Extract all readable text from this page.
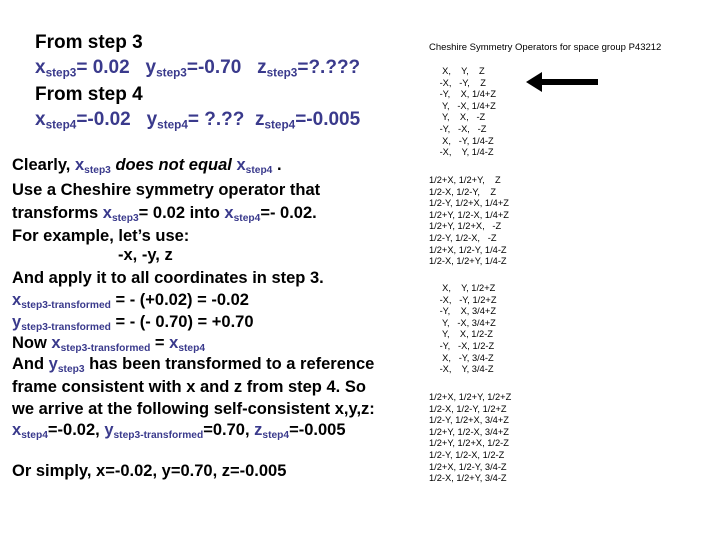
From step 3
$x_{step3}= 0.02$ $y_{step3}=-0.70$ $z_{step3}=$?.???
From step 4
$x_{step4}=-0.02$ $y_{step4}=$ ?.?? $z_{step4}=-0.005$
Clearly, $x_{step3}$ does not equal $x_{step4}$ .
Use a Cheshire symmetry operator that
transforms $x_{step3}= 0.02$ into $x_{step4}=-$ 0.02.
For example, let’s use:
-x, -y, z
And apply it to all coordinates in step 3.
$x_{step3-transformed}$ = - (+0.02) = -0.02
$y_{step3-transformed}$ = - (- 0.70) = +0.70
Now $x_{step3-transformed} = x_{step4}$
And $y_{step3}$ has been transformed to a reference
frame consistent with x and z from step 4. So
we arrive at the following self-consistent x,y,z:
$x_{step4}=-0.02$, $y_{step3-transformed}=0.70$, $z_{step4}=-0.005$
Or simply, x=-0.02, y=0.70, z=-0.005
Cheshire Symmetry Operators for space group P43212
X,    Y,    Z
-X,   -Y,    Z
-Y,    X, 1/4+Z
Y,   -X, 1/4+Z
Y,    X,   -Z
-Y,   -X,   -Z
X,   -Y, 1/4-Z
-X,    Y, 1/4-Z
1/2+X, 1/2+Y,    Z
1/2-X, 1/2-Y,    Z
1/2-Y, 1/2+X, 1/4+Z
1/2+Y, 1/2-X, 1/4+Z
1/2+Y, 1/2+X,   -Z
1/2-Y, 1/2-X,   -Z
1/2+X, 1/2-Y, 1/4-Z
1/2-X, 1/2+Y, 1/4-Z
X,    Y, 1/2+Z
-X,   -Y, 1/2+Z
-Y,    X, 3/4+Z
Y,   -X, 3/4+Z
Y,    X, 1/2-Z
-Y,   -X, 1/2-Z
X,   -Y, 3/4-Z
-X,    Y, 3/4-Z
1/2+X, 1/2+Y, 1/2+Z
1/2-X, 1/2-Y, 1/2+Z
1/2-Y, 1/2+X, 3/4+Z
1/2+Y, 1/2-X, 3/4+Z
1/2+Y, 1/2+X, 1/2-Z
1/2-Y, 1/2-X, 1/2-Z
1/2+X, 1/2-Y, 3/4-Z
1/2-X, 1/2+Y, 3/4-Z
